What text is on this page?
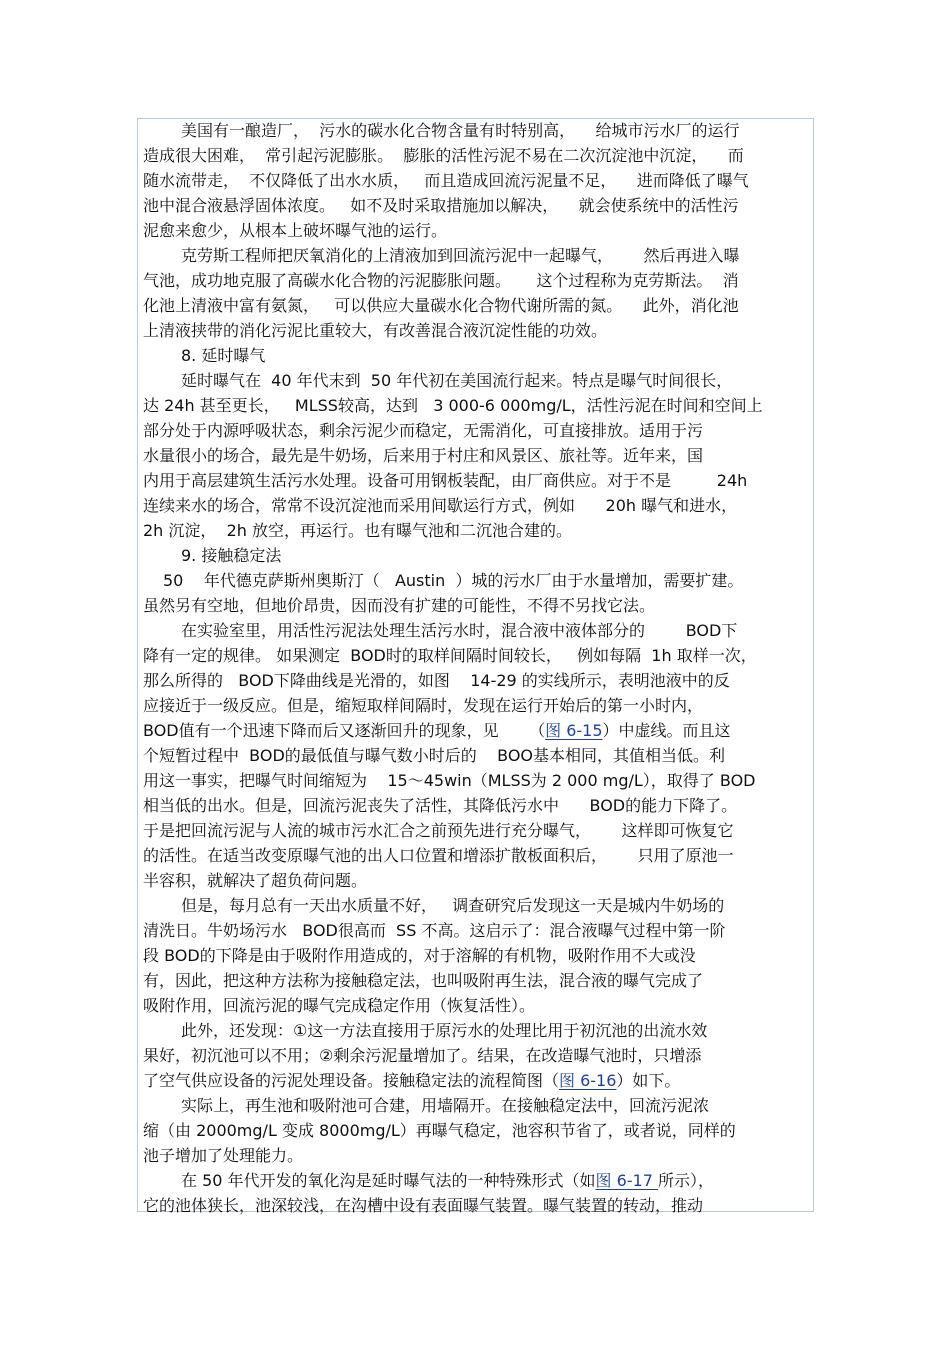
美国有一酿造厂，  污水的碳水化合物含量有时特别高，    给城市污水厂的运行
造成很大困难，  常引起污泥膨胀。  膨胀的活性污泥不易在二次沉淀池中沉淀，    而
随水流带走，  不仅降低了出水水质，   而且造成回流污泥量不足，    进而降低了曝气
池中混合液悬浮固体浓度。   如不及时采取措施加以解决，    就会使系统中的活性污
泥愈来愈少，从根本上破坏曝气池的运行。
克劳斯工程师把厌氧消化的上清液加到回流污泥中一起曝气，      然后再进入曝
气池，成功地克服了高碳水化合物的污泥膨胀问题。     这个过程称为克劳斯法。  消
化池上清液中富有氨氮，   可以供应大量碳水化合物代谢所需的氮。    此外，消化池
上清液挟带的消化污泥比重较大，有改善混合液沉淀性能的功效。
8. 延时曝气
延时曝气在  40 年代末到  50 年代初在美国流行起来。特点是曝气时间很长，
达 24h 甚至更长，   MLSS较高，达到   3 000-6 000mg/L，活性污泥在时间和空间上
部分处于内源呼吸状态，剩余污泥少而稳定，无需消化，可直接排放。适用于污
水量很小的场合，最先是牛奶场，后来用于村庄和风景区、旅社等。近年来，国
内用于高层建筑生活污水处理。设备可用钢板装配，由厂商供应。对于不是         24h
连续来水的场合，常常不设沉淀池而采用间歇运行方式，例如      20h 曝气和进水，
2h 沉淀，  2h 放空，再运行。也有曝气池和二沉池合建的。
9. 接触稳定法
50    年代德克萨斯州奥斯汀（   Austin  ）城的污水厂由于水量增加，需要扩建。
虽然另有空地，但地价昂贵，因而没有扩建的可能性，不得不另找它法。
在实验室里，用活性污泥法处理生活污水时，混合液中液体部分的        BOD下
降有一定的规律。 如果测定  BOD时的取样间隔时间较长，   例如每隔  1h 取样一次，
那么所得的   BOD下降曲线是光滑的，如图    14-29 的实线所示，表明池液中的反
应接近于一级反应。但是，缩短取样间隔时，发现在运行开始后的第一小时内，
BOD值有一个迅速下降而后又逐渐回升的现象，见      （图 6-15）中虚线。而且这
个短暂过程中  BOD的最低值与曝气数小时后的    BOO基本相同，其值相当低。利
用这一事实，把曝气时间缩短为    15～45win（MLSS为 2 000 mg/L），取得了 BOD
相当低的出水。但是，回流污泥丧失了活性，其降低污水中      BOD的能力下降了。
于是把回流污泥与人流的城市污水汇合之前预先进行充分曝气，      这样即可恢复它
的活性。在适当改变原曝气池的出人口位置和增添扩散板面积后，      只用了原池一
半容积，就解决了超负荷问题。
但是，每月总有一天出水质量不好，   调查研究后发现这一天是城内牛奶场的
清洗日。牛奶场污水   BOD很高而  SS 不高。这启示了：混合液曝气过程中第一阶
段 BOD的下降是由于吸附作用造成的，对于溶解的有机物，吸附作用不大或没
有，因此，把这种方法称为接触稳定法，也叫吸附再生法，混合液的曝气完成了
吸附作用，回流污泥的曝气完成稳定作用（恢复活性）。
此外，还发现：①这一方法直接用于原污水的处理比用于初沉池的出流水效
果好，初沉池可以不用；②剩余污泥量增加了。结果，在改造曝气池时，只增添
了空气供应设备的污泥处理设备。接触稳定法的流程简图（图 6-16）如下。
实际上，再生池和吸附池可合建，用墙隔开。在接触稳定法中，回流污泥浓
缩（由 2000mg/L 变成 8000mg/L）再曝气稳定，池容积节省了，或者说，同样的
池子增加了处理能力。
在 50 年代开发的氧化沟是延时曝气法的一种特殊形式（如图 6-17 所示），
它的池体狭长，池深较浅，在沟槽中设有表面曝气装置。曝气装置的转动，推动
